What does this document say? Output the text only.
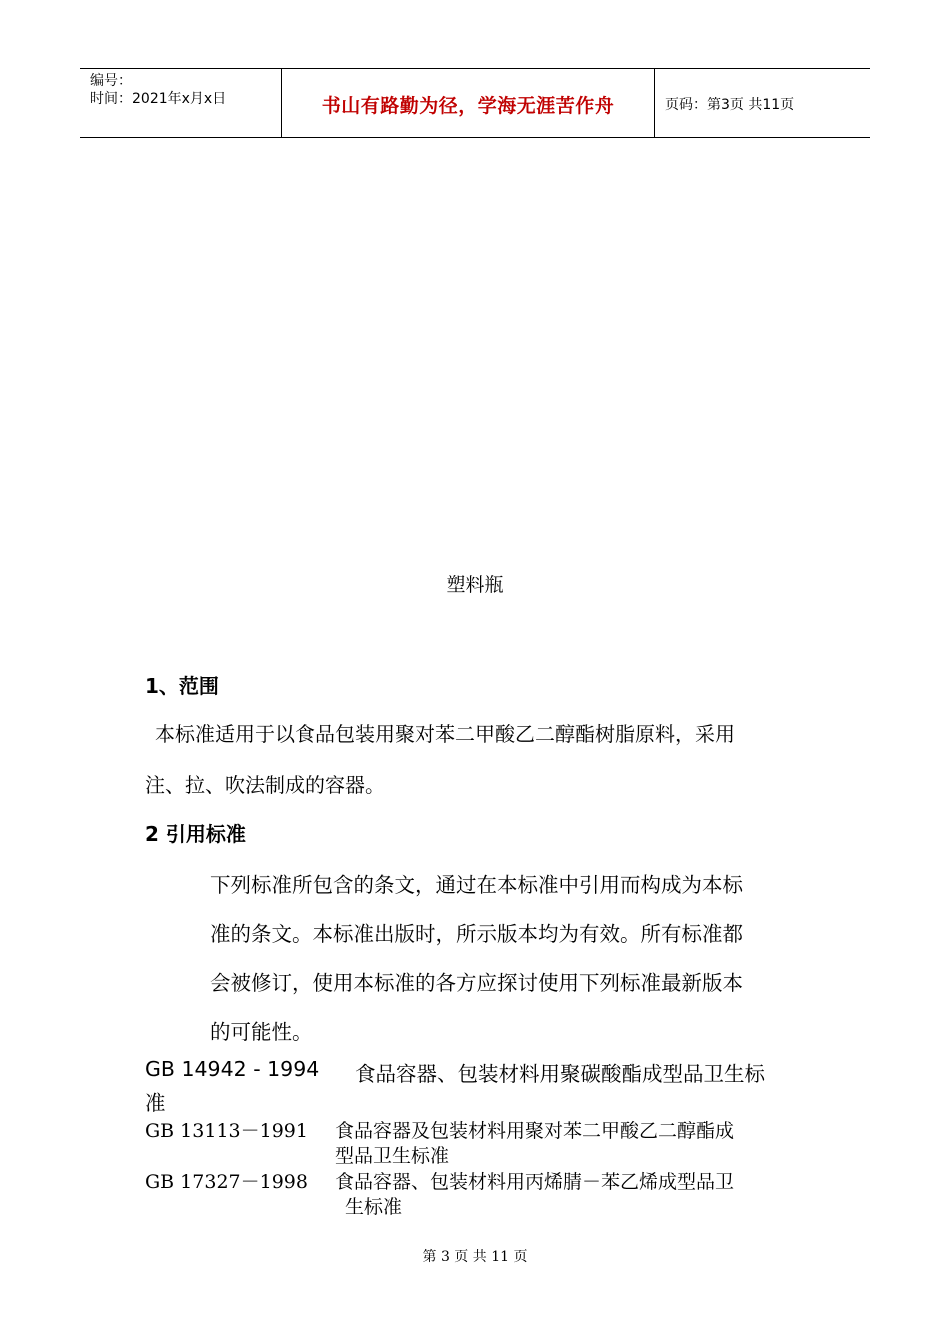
编号：
时间：2021年x月x日	书山有路勤为径，学海无涯苦作舟	页码：第3页 共11页
塑料瓶
1、范围
本标准适用于以食品包装用聚对苯二甲酸乙二醇酯树脂原料，采用
注、拉、吹法制成的容器。
2 引用标准
下列标准所包含的条文，通过在本标准中引用而构成为本标
准的条文。本标准出版时，所示版本均为有效。所有标准都
会被修订，使用本标准的各方应探讨使用下列标准最新版本
的可能性。
GB 14942 - 1994 食品容器、包装材料用聚碳酸酯成型品卫生标
准
GB 13113－1991 食品容器及包装材料用聚对苯二甲酸乙二醇酯成
型品卫生标准
GB 17327－1998 食品容器、包装材料用丙烯腈－苯乙烯成型品卫
生标准
第 3 页 共 11 页
